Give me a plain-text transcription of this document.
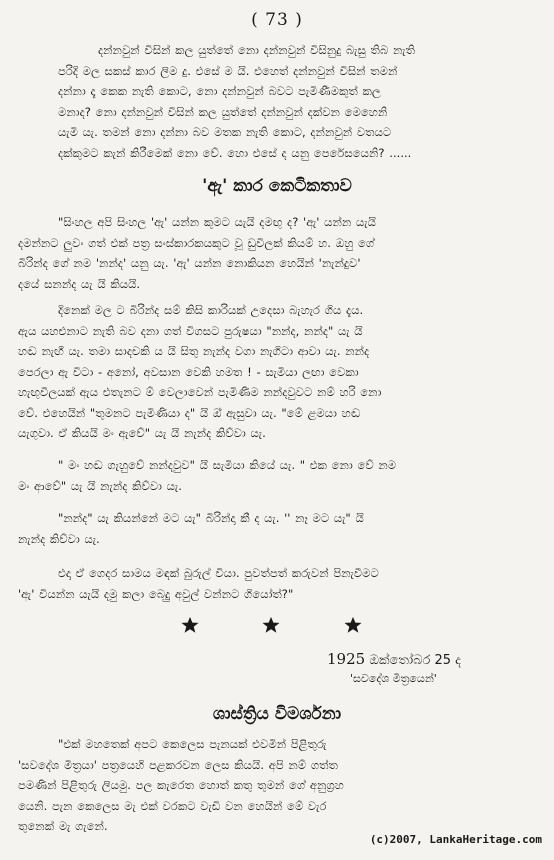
( 73 )
දන්නවුන් විසින් කල යුත්තේ නො දන්නවුන් විසිනුදු බැසු තිබ නැති
පරිදි මල සකස් කාර ලිම දු. එසේ ම යි. එහෙත් දන්නවුන් විසින් තමන්
දන්නා දෑ කෙක නැති කොට, නො දන්නවුන් බවට පැමිණීමකුත් කල
මනාද? නො දන්නවුන් විසින් කල යුත්තේ දන්නවුන් දක්වන මෙහෙනි
යැමි යැ. තමන් නො දන්නා බව මතක නැති කොට, දන්නවුන් වතයට
දක්කුමට කැන් කිරීමෙක් නො වේ. හො එසේ ද යනු පෙරේසයෙනි? ......
'ඇ' කාර කෙටිකතාව
"සිංහල අපි සිංහල 'ඇ' යන්න කුමට යැයි දමඟු ද? 'ඇ' යන්න යැයි
දමන්නට ලුවං ගත් එක් පත්‍ර සංස්කාරකයකුට වූ ඩුවිලක් කියම් හ. ඔහු ගේ
බිරින්ද ගේ නම 'නන්ද' යනු යැ. 'ඇ' යන්න නොකියන හෙයින් 'නැන්දුව'
දයේ සනන්ද යැ යි කියයි.
දිනෙක් මල ට බිරින්ද සම් කිසි කාරියක් උදෙසා බැහැර ගිය දැය.
ඇය යහළුනාට නැති බව දනා ගත් විගසට පුරුෂයා "නන්ද, නන්ද" යැ යි
හඬ නැඟී යැ. තමා සාදචකි ය යි සිතු නැන්ද වගා නැගිටා ආවා යැ. නන්ද
පෙරලා ඇ විටා - අනෝ, අවසාන වෙකි හමත ! - සැමියා ලඟා වෙකා
හැඟුවීලයක් ඇය එතැනට ම් වෙලාවෙන් පැමිණිම නන්දවුවට නම් හරි නො
වේ. එහෙයින් "තුමනට පැමිණියා ද" යි ඔ් ඇසුවා යැ. "මේ ළමයා හඬ
යැගුවා. ඒ කියයි මං ඇවේ" යැ යි නැන්ද කිව්වා යැ.
" මං හඬ ගැහුවේ නන්දවුව" යි සැමියා කියේ යැ. " එක නො වේ නම
මං ආවේ" යැ යි නැන්ද කිව්වා යැ.
"නන්ද" යැ කියන්නේ මට යැ" බිරින්දා කී ද යැ. '' නෑ මට යැ" යි
නැන්ද කිව්වා යැ.
එදා ඒ ගෙදර සාමය මඳක් බුරුල් වියා. පුවත්පත් කරුවන් පිනැවීමට
'ඇ' වියන්න යැයි දමු කලා බෙදුු අවුල් වන්නට ගියෝත්?"
1925 ඔක්තෝබර 25 ද
'සවදේශ මිත්‍රයෙන්'
ශාස්ත්‍රිය විමර්ශනා
"එක් මහතෙක් අපට කෙලෙස පැනයක් එවමින් පිළිතුරු
'සවදේශ මිත්‍රයා' පත්‍රයෙහි පළකරවන ලෙස කියයි. අපි නම් ගත්ත
පමණින් පිළිතුරු ලියමු. පල කැරෙත හොත් කතු තුමන් ගේ අනුග්‍රහ
යෙනි. පැන කෙලෙස මැ එක් වරකට වැඩි වන හෙයින් මේ වැර
තුනෙක් මැ ගැනේ.
(c)2007, LankaHeritage.com
